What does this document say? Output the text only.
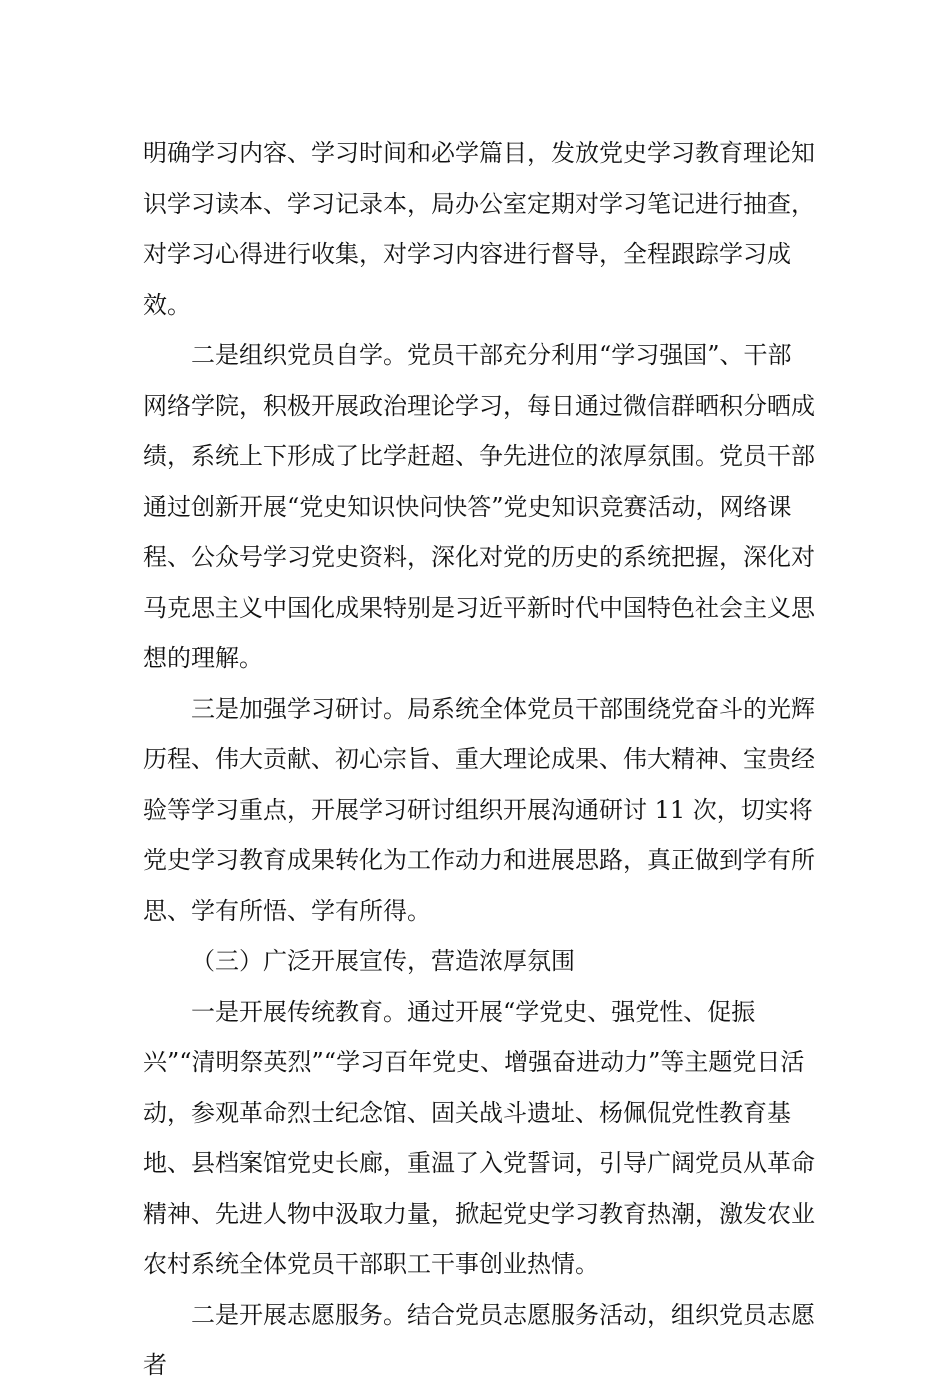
明确学习内容、学习时间和必学篇目，发放党史学习教育理论知识学习读本、学习记录本，局办公室定期对学习笔记进行抽查，对学习心得进行收集，对学习内容进行督导，全程跟踪学习成效。

二是组织党员自学。党员干部充分利用“学习强国”、干部网络学院，积极开展政治理论学习，每日通过微信群晒积分晒成绩，系统上下形成了比学赶超、争先进位的浓厚氛围。党员干部通过创新开展“党史知识快问快答”党史知识竞赛活动，网络课程、公众号学习党史资料，深化对党的历史的系统把握，深化对马克思主义中国化成果特别是习近平新时代中国特色社会主义思想的理解。

三是加强学习研讨。局系统全体党员干部围绕党奋斗的光辉历程、伟大贡献、初心宗旨、重大理论成果、伟大精神、宝贵经验等学习重点，开展学习研讨组织开展沟通研讨 11 次，切实将党史学习教育成果转化为工作动力和进展思路，真正做到学有所思、学有所悟、学有所得。

（三）广泛开展宣传，营造浓厚氛围

一是开展传统教育。通过开展“学党史、强党性、促振兴”“清明祭英烈”“学习百年党史、增强奋进动力”等主题党日活动，参观革命烈士纪念馆、固关战斗遗址、杨佩侃党性教育基地、县档案馆党史长廊，重温了入党誓词，引导广阔党员从革命精神、先进人物中汲取力量，掀起党史学习教育热潮，激发农业农村系统全体党员干部职工干事创业热情。

二是开展志愿服务。结合党员志愿服务活动，组织党员志愿者
